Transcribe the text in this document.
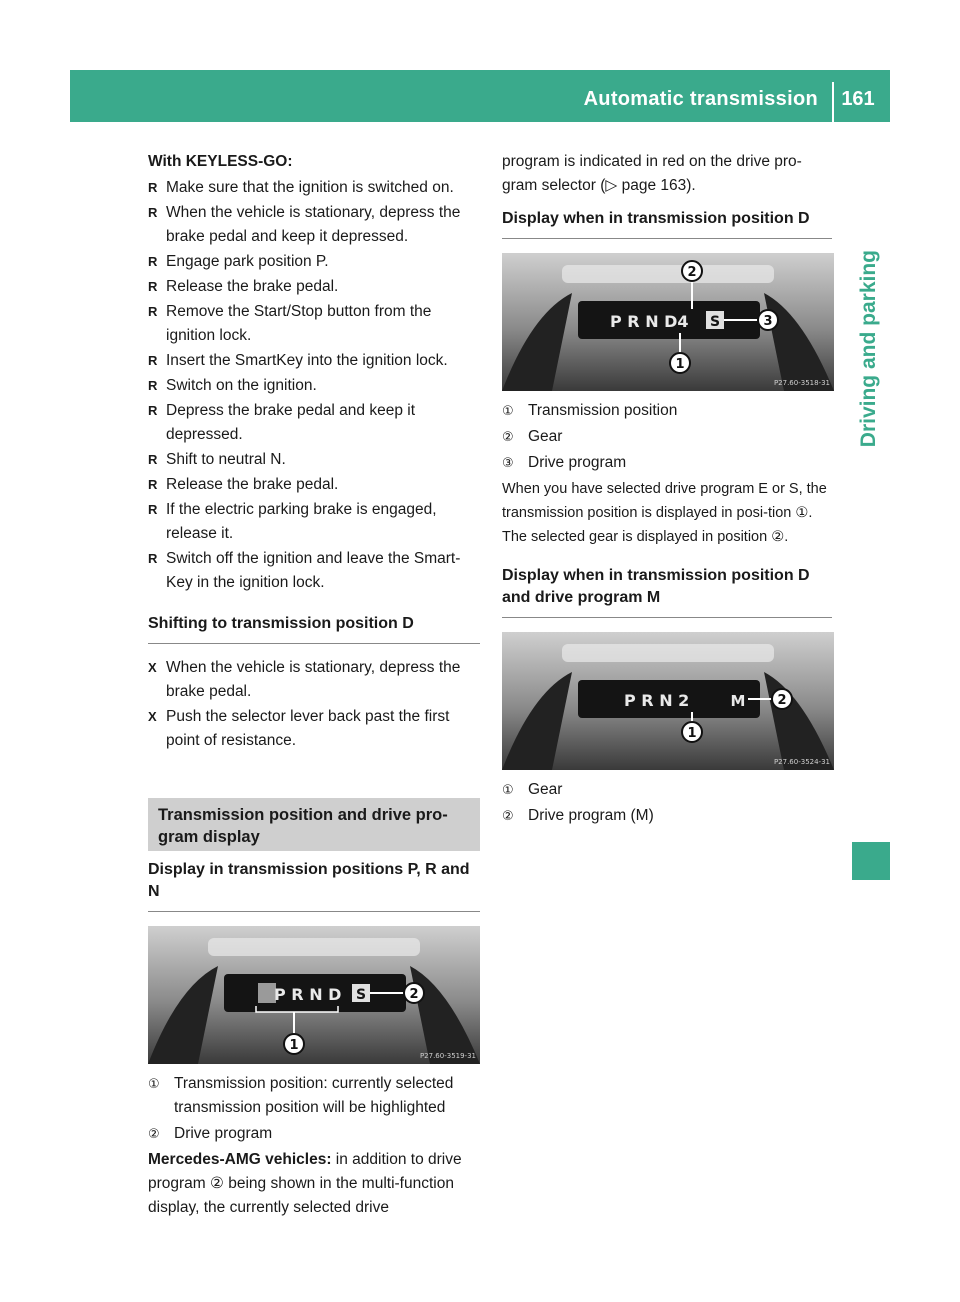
Automatic transmission	161
Driving and parking

With KEYLESS-GO:

R Make sure that the ignition is switched on.
R When the vehicle is stationary, depress the brake pedal and keep it depressed.
R Engage park position P.
R Release the brake pedal.
R Remove the Start/Stop button from the ignition lock.
R Insert the SmartKey into the ignition lock.
R Switch on the ignition.
R Depress the brake pedal and keep it depressed.
R Shift to neutral N.
R Release the brake pedal.
R If the electric parking brake is engaged, release it.
R Switch off the ignition and leave the Smart-Key in the ignition lock.
Shifting to transmission position D
X When the vehicle is stationary, depress the brake pedal.
X Push the selector lever back past the first point of resistance.
Transmission position and drive pro-gram display
Display in transmission positions P, R and N
P R N D S	2
1
P27.60-3519-31

① Transmission position: currently selected transmission position will be highlighted

② Drive program

Mercedes-AMG vehicles: in addition to drive program ② being shown in the multi-function display, the currently selected drive

program is indicated in red on the drive pro-gram selector (▷ page 163).

Display when in transmission position D
P R N D4 S	3
2
1
P27.60-3518-31

① Transmission position

② Gear

③ Drive program

When you have selected drive program E or S, the transmission position is displayed in posi-tion ①. The selected gear is displayed in position ②.

Display when in transmission position D and drive program M
P R N 2	M 2
1
P27.60-3524-31

① Gear

② Drive program (M)
